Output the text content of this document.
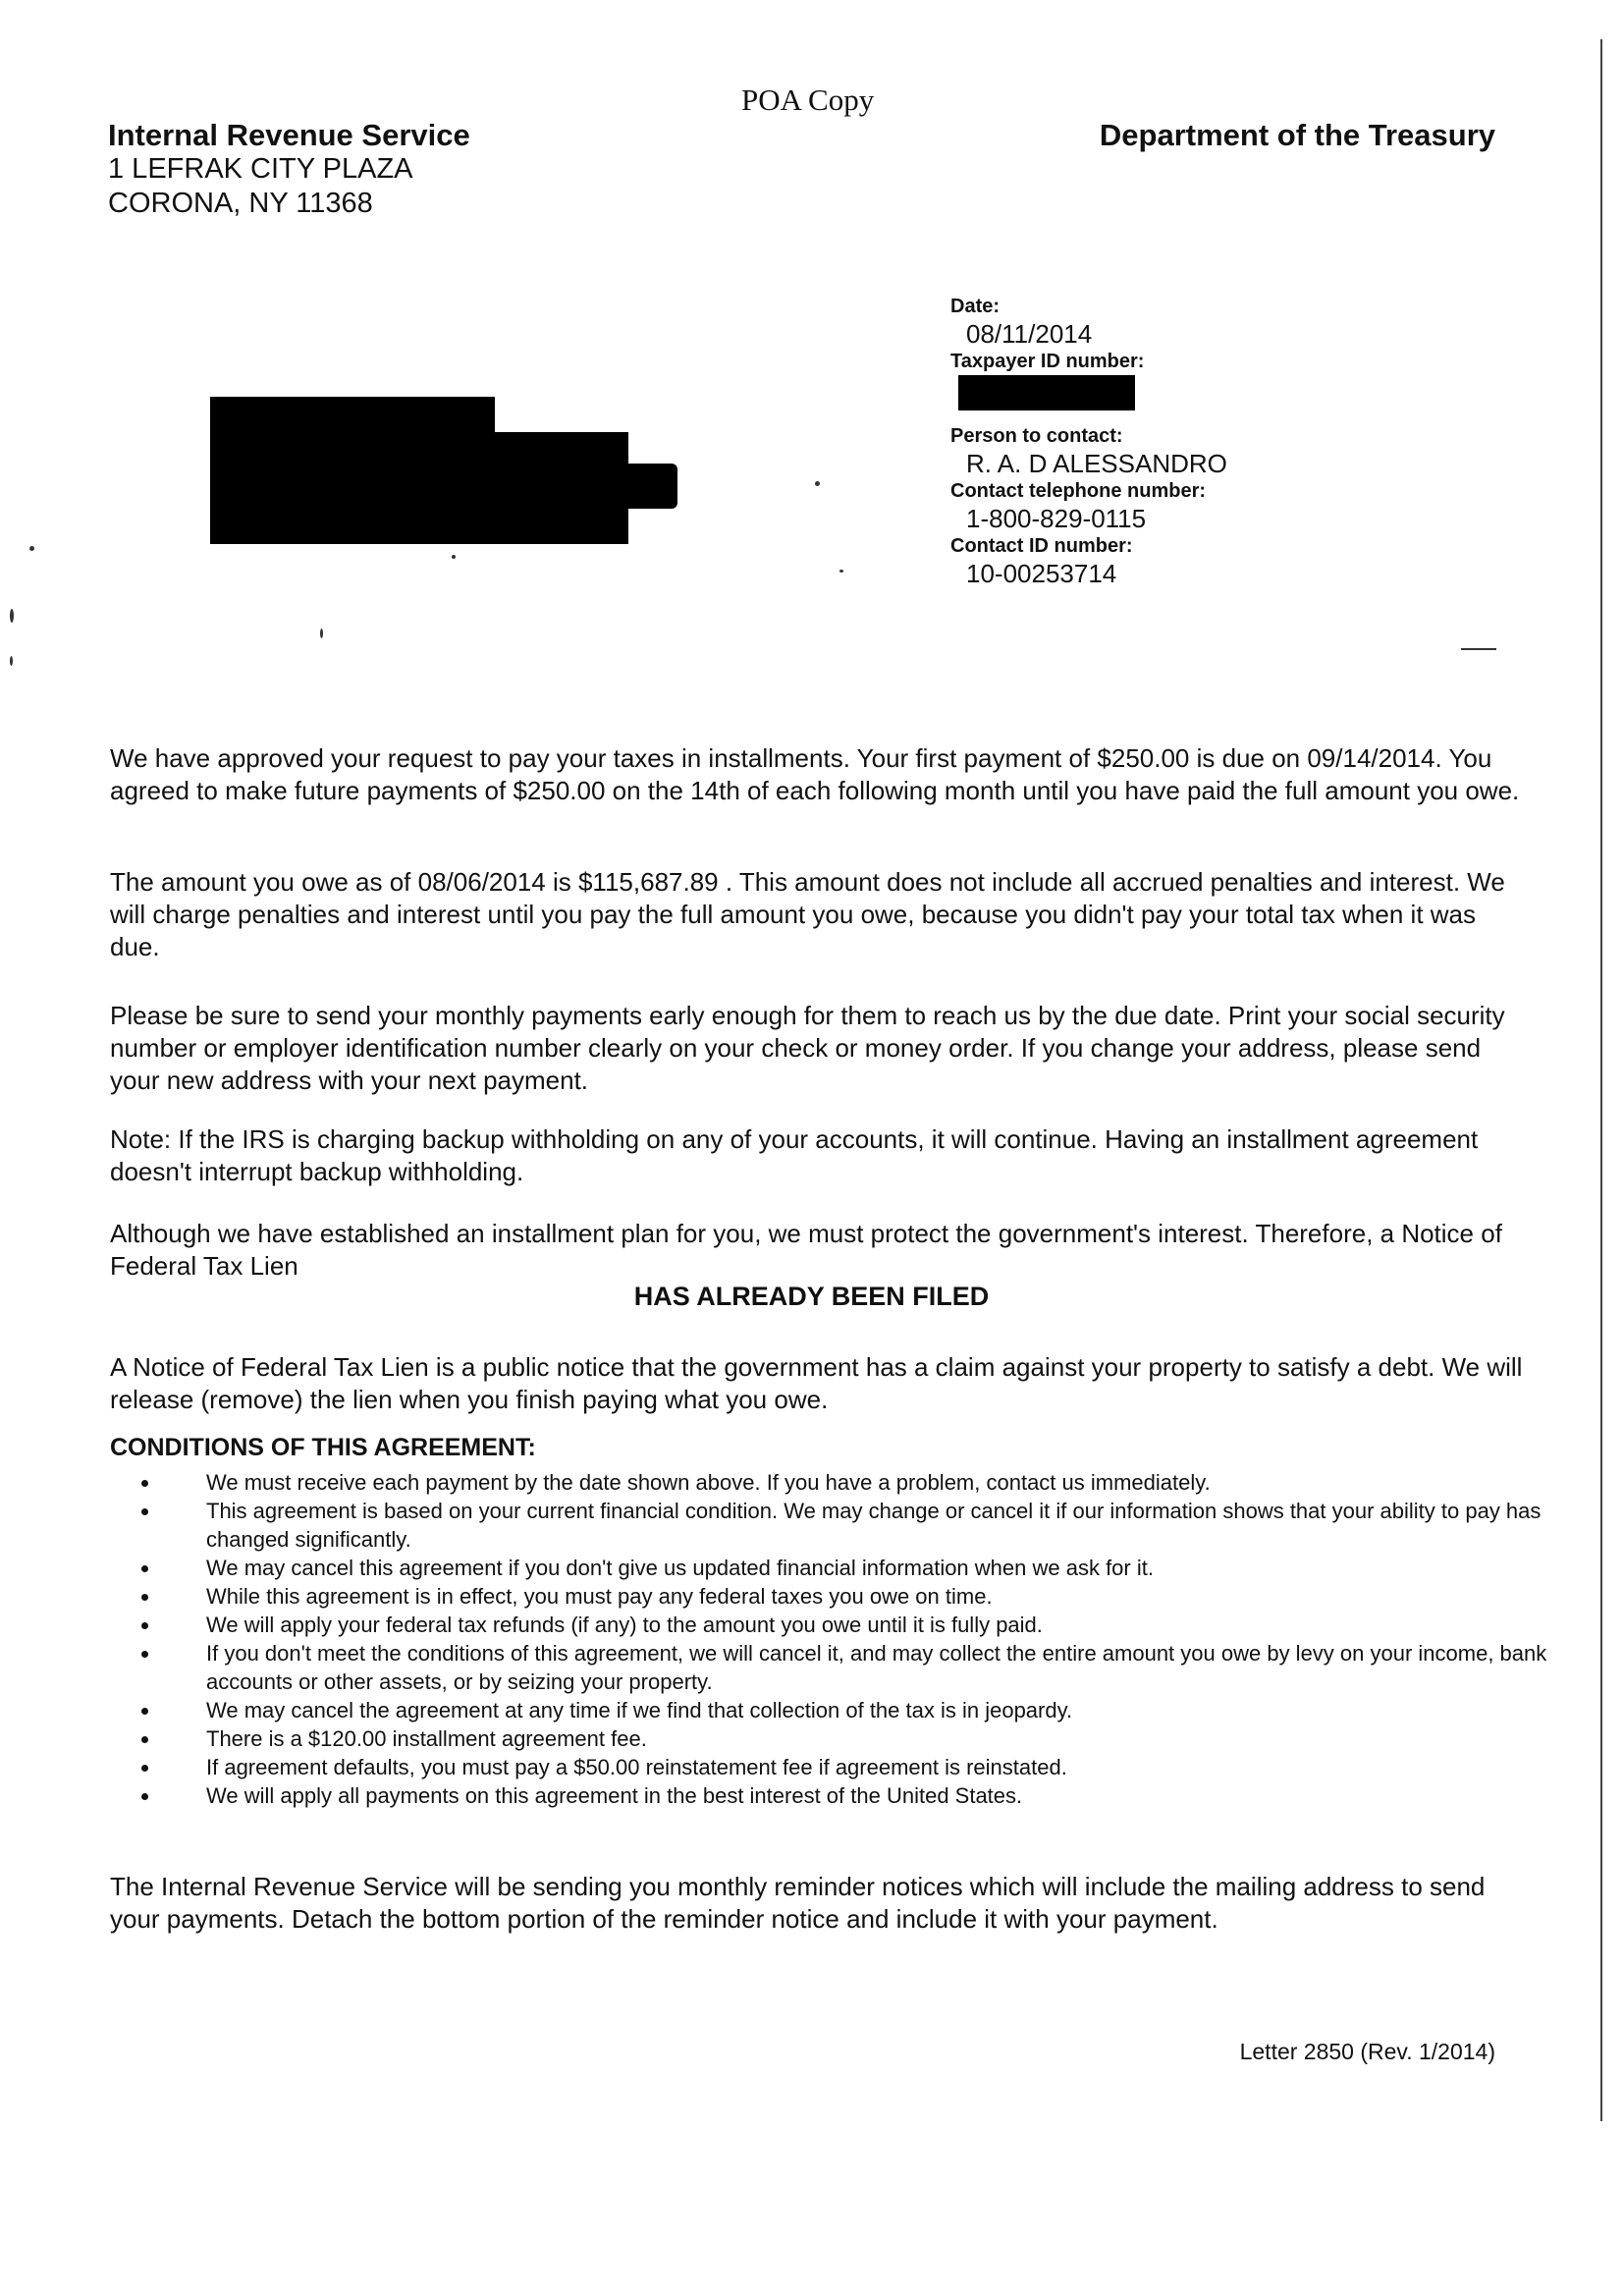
POA Copy
Internal Revenue Service
1 LEFRAK CITY PLAZA
CORONA, NY 11368
Department of the Treasury
Date:
08/11/2014
Taxpayer ID number:
Person to contact:
R. A. D ALESSANDRO
Contact telephone number:
1-800-829-0115
Contact ID number:
10-00253714

We have approved your request to pay your taxes in installments. Your first payment of $250.00 is due on 09/14/2014. You agreed to make future payments of $250.00 on the 14th of each following month until you have paid the full amount you owe.

The amount you owe as of 08/06/2014 is $115,687.89 . This amount does not include all accrued penalties and interest. We will charge penalties and interest until you pay the full amount you owe, because you didn't pay your total tax when it was due.

Please be sure to send your monthly payments early enough for them to reach us by the due date. Print your social security number or employer identification number clearly on your check or money order. If you change your address, please send your new address with your next payment.

Note: If the IRS is charging backup withholding on any of your accounts, it will continue. Having an installment agreement doesn't interrupt backup withholding.

Although we have established an installment plan for you, we must protect the government's interest. Therefore, a Notice of Federal Tax Lien

HAS ALREADY BEEN FILED

A Notice of Federal Tax Lien is a public notice that the government has a claim against your property to satisfy a debt. We will release (remove) the lien when you finish paying what you owe.

CONDITIONS OF THIS AGREEMENT:
• We must receive each payment by the date shown above. If you have a problem, contact us immediately.
• This agreement is based on your current financial condition. We may change or cancel it if our information shows that your ability to pay has changed significantly.
• We may cancel this agreement if you don't give us updated financial information when we ask for it.
• While this agreement is in effect, you must pay any federal taxes you owe on time.
• We will apply your federal tax refunds (if any) to the amount you owe until it is fully paid.
• If you don't meet the conditions of this agreement, we will cancel it, and may collect the entire amount you owe by levy on your income, bank accounts or other assets, or by seizing your property.
• We may cancel the agreement at any time if we find that collection of the tax is in jeopardy.
• There is a $120.00 installment agreement fee.
• If agreement defaults, you must pay a $50.00 reinstatement fee if agreement is reinstated.
• We will apply all payments on this agreement in the best interest of the United States.

The Internal Revenue Service will be sending you monthly reminder notices which will include the mailing address to send your payments. Detach the bottom portion of the reminder notice and include it with your payment.

Letter 2850 (Rev. 1/2014)
